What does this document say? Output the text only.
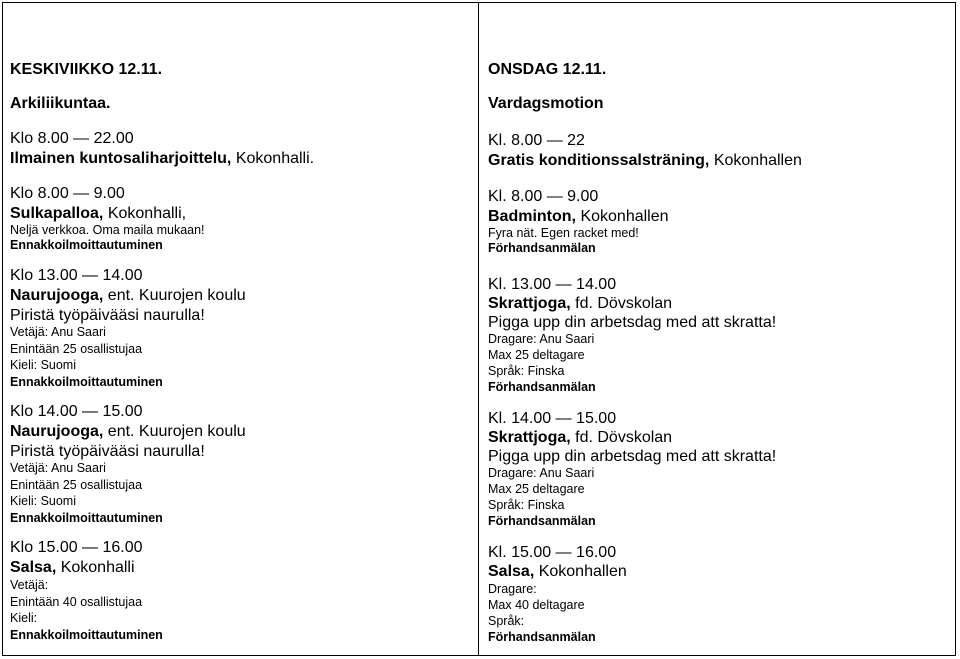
KESKIVIIKKO 12.11.
Arkiliikuntaa.
Klo 8.00 — 22.00
Ilmainen kuntosaliharjoittelu, Kokonhalli.
Klo 8.00 — 9.00
Sulkapalloa, Kokonhalli,
Neljä verkkoa. Oma maila mukaan!
Ennakkoilmoittautuminen
Klo 13.00 — 14.00
Naurujooga, ent. Kuurojen koulu
Piristä työpäivääsi naurulla!
Vetäjä: Anu Saari
Enintään 25 osallistujaa
Kieli: Suomi
Ennakkoilmoittautuminen
Klo 14.00 — 15.00
Naurujooga, ent. Kuurojen koulu
Piristä työpäivääsi naurulla!
Vetäjä: Anu Saari
Enintään 25 osallistujaa
Kieli: Suomi
Ennakkoilmoittautuminen
Klo 15.00 — 16.00
Salsa, Kokonhalli
Vetäjä:
Enintään 40 osallistujaa
Kieli:
Ennakkoilmoittautuminen
ONSDAG 12.11.
Vardagsmotion
Kl. 8.00 — 22
Gratis konditionssalsträning, Kokonhallen
Kl. 8.00 — 9.00
Badminton, Kokonhallen
Fyra nät. Egen racket med!
Förhandsanmälan
Kl. 13.00 — 14.00
Skrattjoga, fd. Dövskolan
Pigga upp din arbetsdag med att skratta!
Dragare: Anu Saari
Max 25 deltagare
Språk: Finska
Förhandsanmälan
Kl. 14.00 — 15.00
Skrattjoga, fd. Dövskolan
Pigga upp din arbetsdag med att skratta!
Dragare: Anu Saari
Max 25 deltagare
Språk: Finska
Förhandsanmälan
Kl. 15.00 — 16.00
Salsa, Kokonhallen
Dragare:
Max 40 deltagare
Språk:
Förhandsanmälan
